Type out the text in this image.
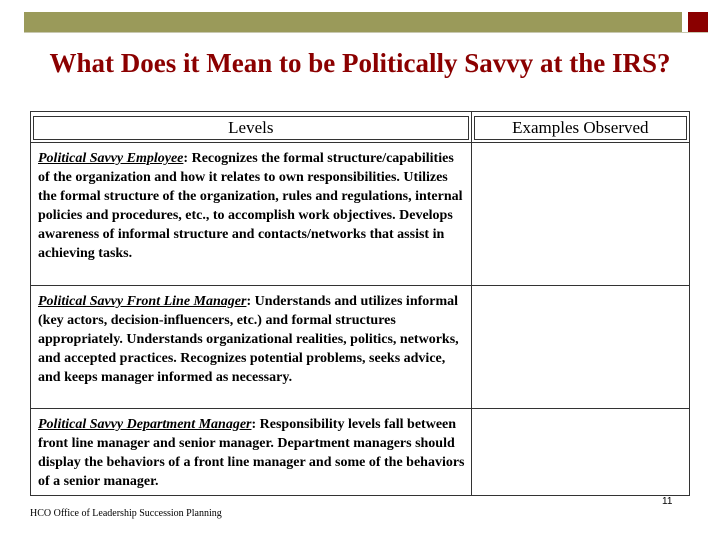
What Does it Mean to be Politically Savvy at the IRS?
Levels	Examples Observed

Political Savvy Employee: Recognizes the formal structure/capabilities of the organization and how it relates to own responsibilities. Utilizes the formal structure of the organization, rules and regulations, internal policies and procedures, etc., to accomplish work objectives. Develops awareness of informal structure and contacts/networks that assist in achieving tasks.	
Political Savvy Front Line Manager: Understands and utilizes informal (key actors, decision-influencers, etc.) and formal structures appropriately. Understands organizational realities, politics, networks, and accepted practices. Recognizes potential problems, seeks advice, and keeps manager informed as necessary.	
Political Savvy Department Manager: Responsibility levels fall between front line manager and senior manager. Department managers should display the behaviors of a front line manager and some of the behaviors of a senior manager.	
11
HCO Office of Leadership Succession Planning
